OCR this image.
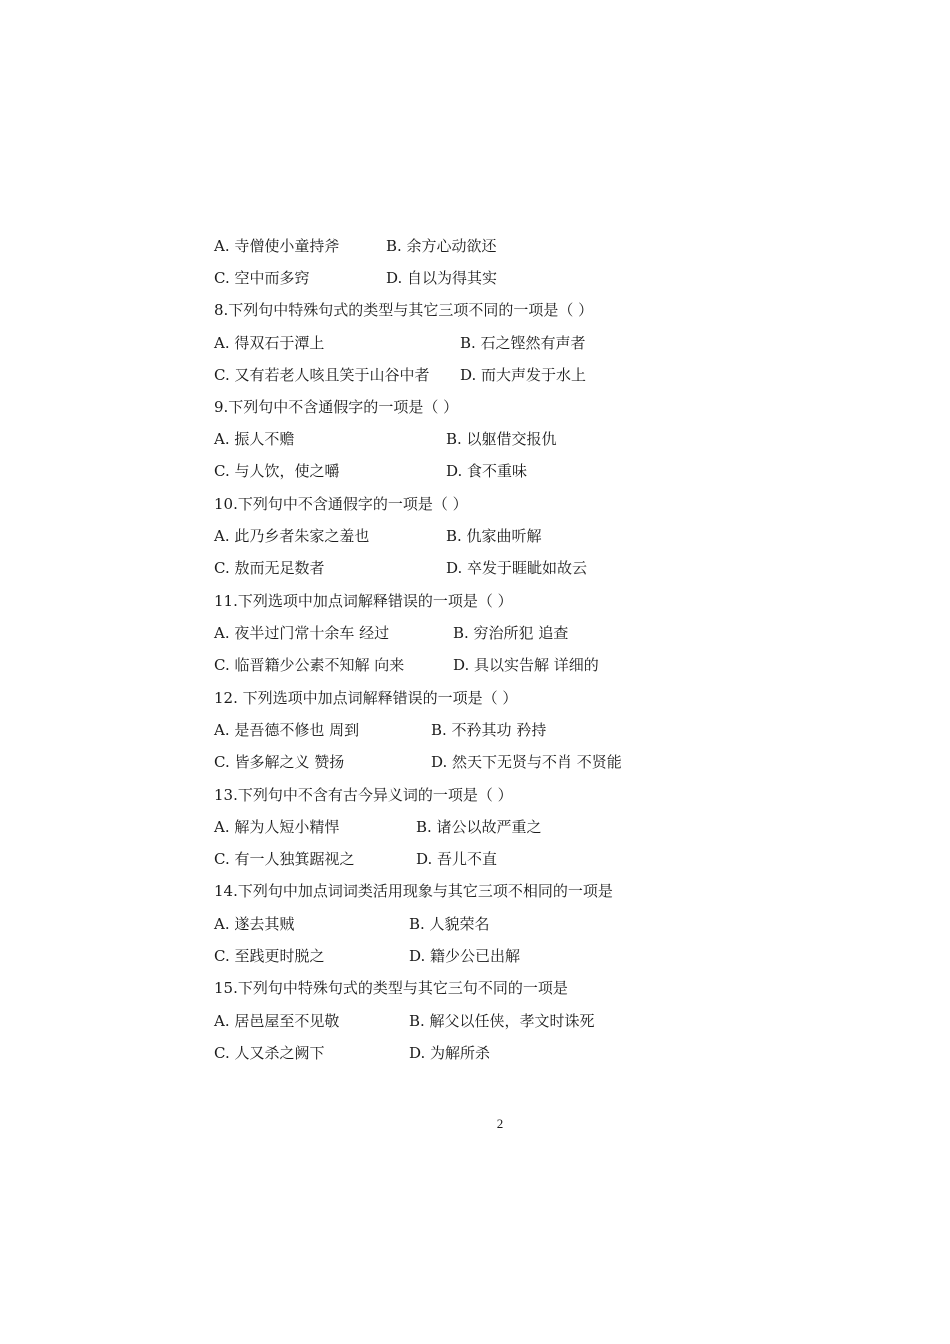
A. 寺僧使小童持斧	B. 余方心动欲还
C. 空中而多窍	D. 自以为得其实
8.下列句中特殊句式的类型与其它三项不同的一项是（ ）
A. 得双石于潭上	B. 石之铿然有声者
C. 又有若老人咳且笑于山谷中者 D. 而大声发于水上
9.下列句中不含通假字的一项是（ ）
A. 振人不赡	B. 以躯借交报仇
C. 与人饮，使之嚼	D. 食不重味
10.下列句中不含通假字的一项是（ ）
A. 此乃乡者朱家之羞也	B. 仇家曲听解
C. 敖而无足数者	D. 卒发于睚眦如故云
11.下列选项中加点词解释错误的一项是（ ）
A. 夜半过门常十余车 经过	B. 穷治所犯 追查
C. 临晋籍少公素不知解 向来	D. 具以实告解 详细的
12. 下列选项中加点词解释错误的一项是（ ）
A. 是吾德不修也 周到	B. 不矜其功 矜持
C. 皆多解之义 赞扬	D. 然天下无贤与不肖 不贤能
13.下列句中不含有古今异义词的一项是（ ）
A. 解为人短小精悍	B. 诸公以故严重之
C. 有一人独箕踞视之	D. 吾儿不直
14.下列句中加点词词类活用现象与其它三项不相同的一项是
A. 遂去其贼	B. 人貌荣名
C. 至践更时脱之	D. 籍少公已出解
15.下列句中特殊句式的类型与其它三句不同的一项是
A. 居邑屋至不见敬	B. 解父以任侠，孝文时诛死
C. 人又杀之阙下	D. 为解所杀
2
